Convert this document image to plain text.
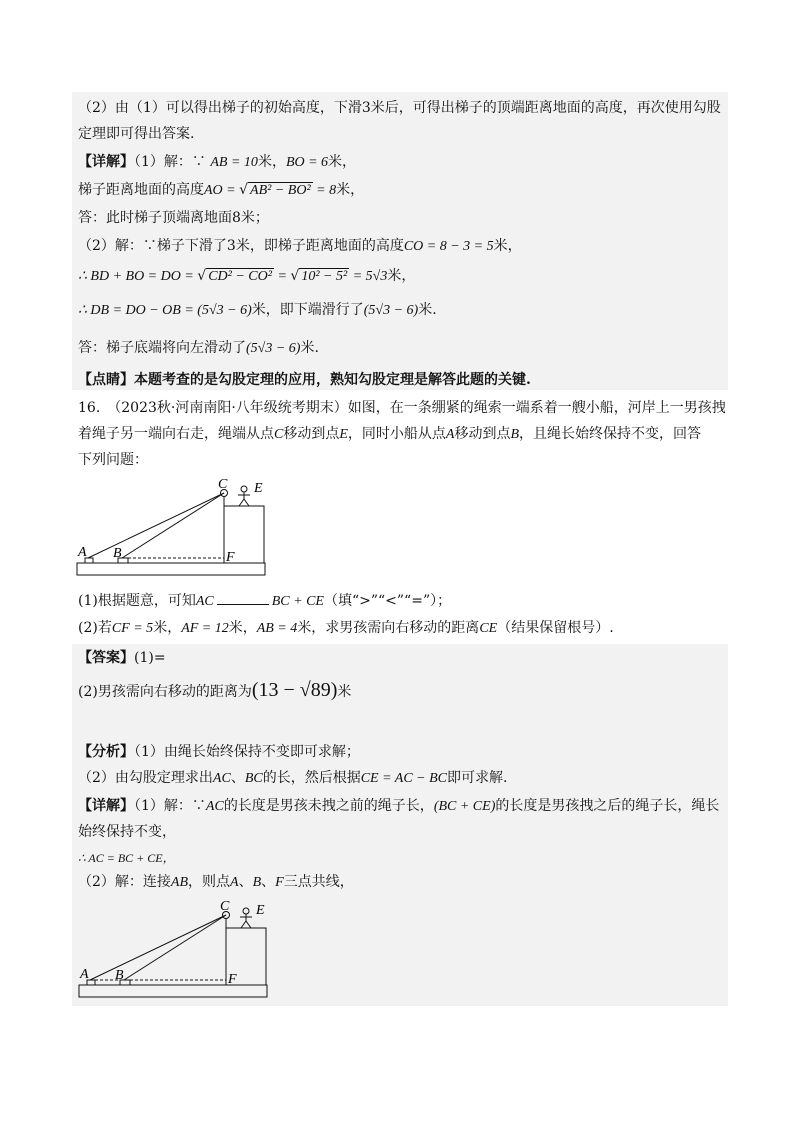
（2）由（1）可以得出梯子的初始高度，下滑3米后，可得出梯子的顶端距离地面的高度，再次使用勾股
定理即可得出答案.
【详解】（1）解：∵ AB = 10米，BO = 6米，
梯子距离地面的高度AO = √ AB² − BO² = 8米，
答：此时梯子顶端离地面8米；
（2）解：∵梯子下滑了3米，即梯子距离地面的高度CO = 8 − 3 = 5米，
∴ BD + BO = DO = √ CD² − CO² = √ 10² − 5² = 5√3米，
∴ DB = DO − OB = (5√3 − 6)米，即下端滑行了(5√3 − 6)米.
答：梯子底端将向左滑动了(5√3 − 6)米.
【点睛】本题考查的是勾股定理的应用，熟知勾股定理是解答此题的关键.
16.　（2023秋·河南南阳·八年级统考期末）如图，在一条绷紧的绳索一端系着一艘小船，河岸上一男孩拽
着绳子另一端向右走，绳端从点C移动到点E，同时小船从点A移动到点B，且绳长始终保持不变，回答
下列问题：
A B
C E
F
(1)根据题意，可知AC	BC + CE（填“>”“<”“=”）；
(2)若CF = 5米，AF = 12米，AB = 4米，求男孩需向右移动的距离CE（结果保留根号）.
【答案】(1)=
(2)男孩需向右移动的距离为(13 − √89)米
【分析】（1）由绳长始终保持不变即可求解；
（2）由勾股定理求出AC、BC的长，然后根据CE = AC − BC即可求解.
【详解】（1）解：∵AC的长度是男孩未拽之前的绳子长，(BC + CE)的长度是男孩拽之后的绳子长，绳长
始终保持不变，
∴ AC = BC + CE，
（2）解：连接AB，则点A、B、F三点共线，
A B
C E
F
